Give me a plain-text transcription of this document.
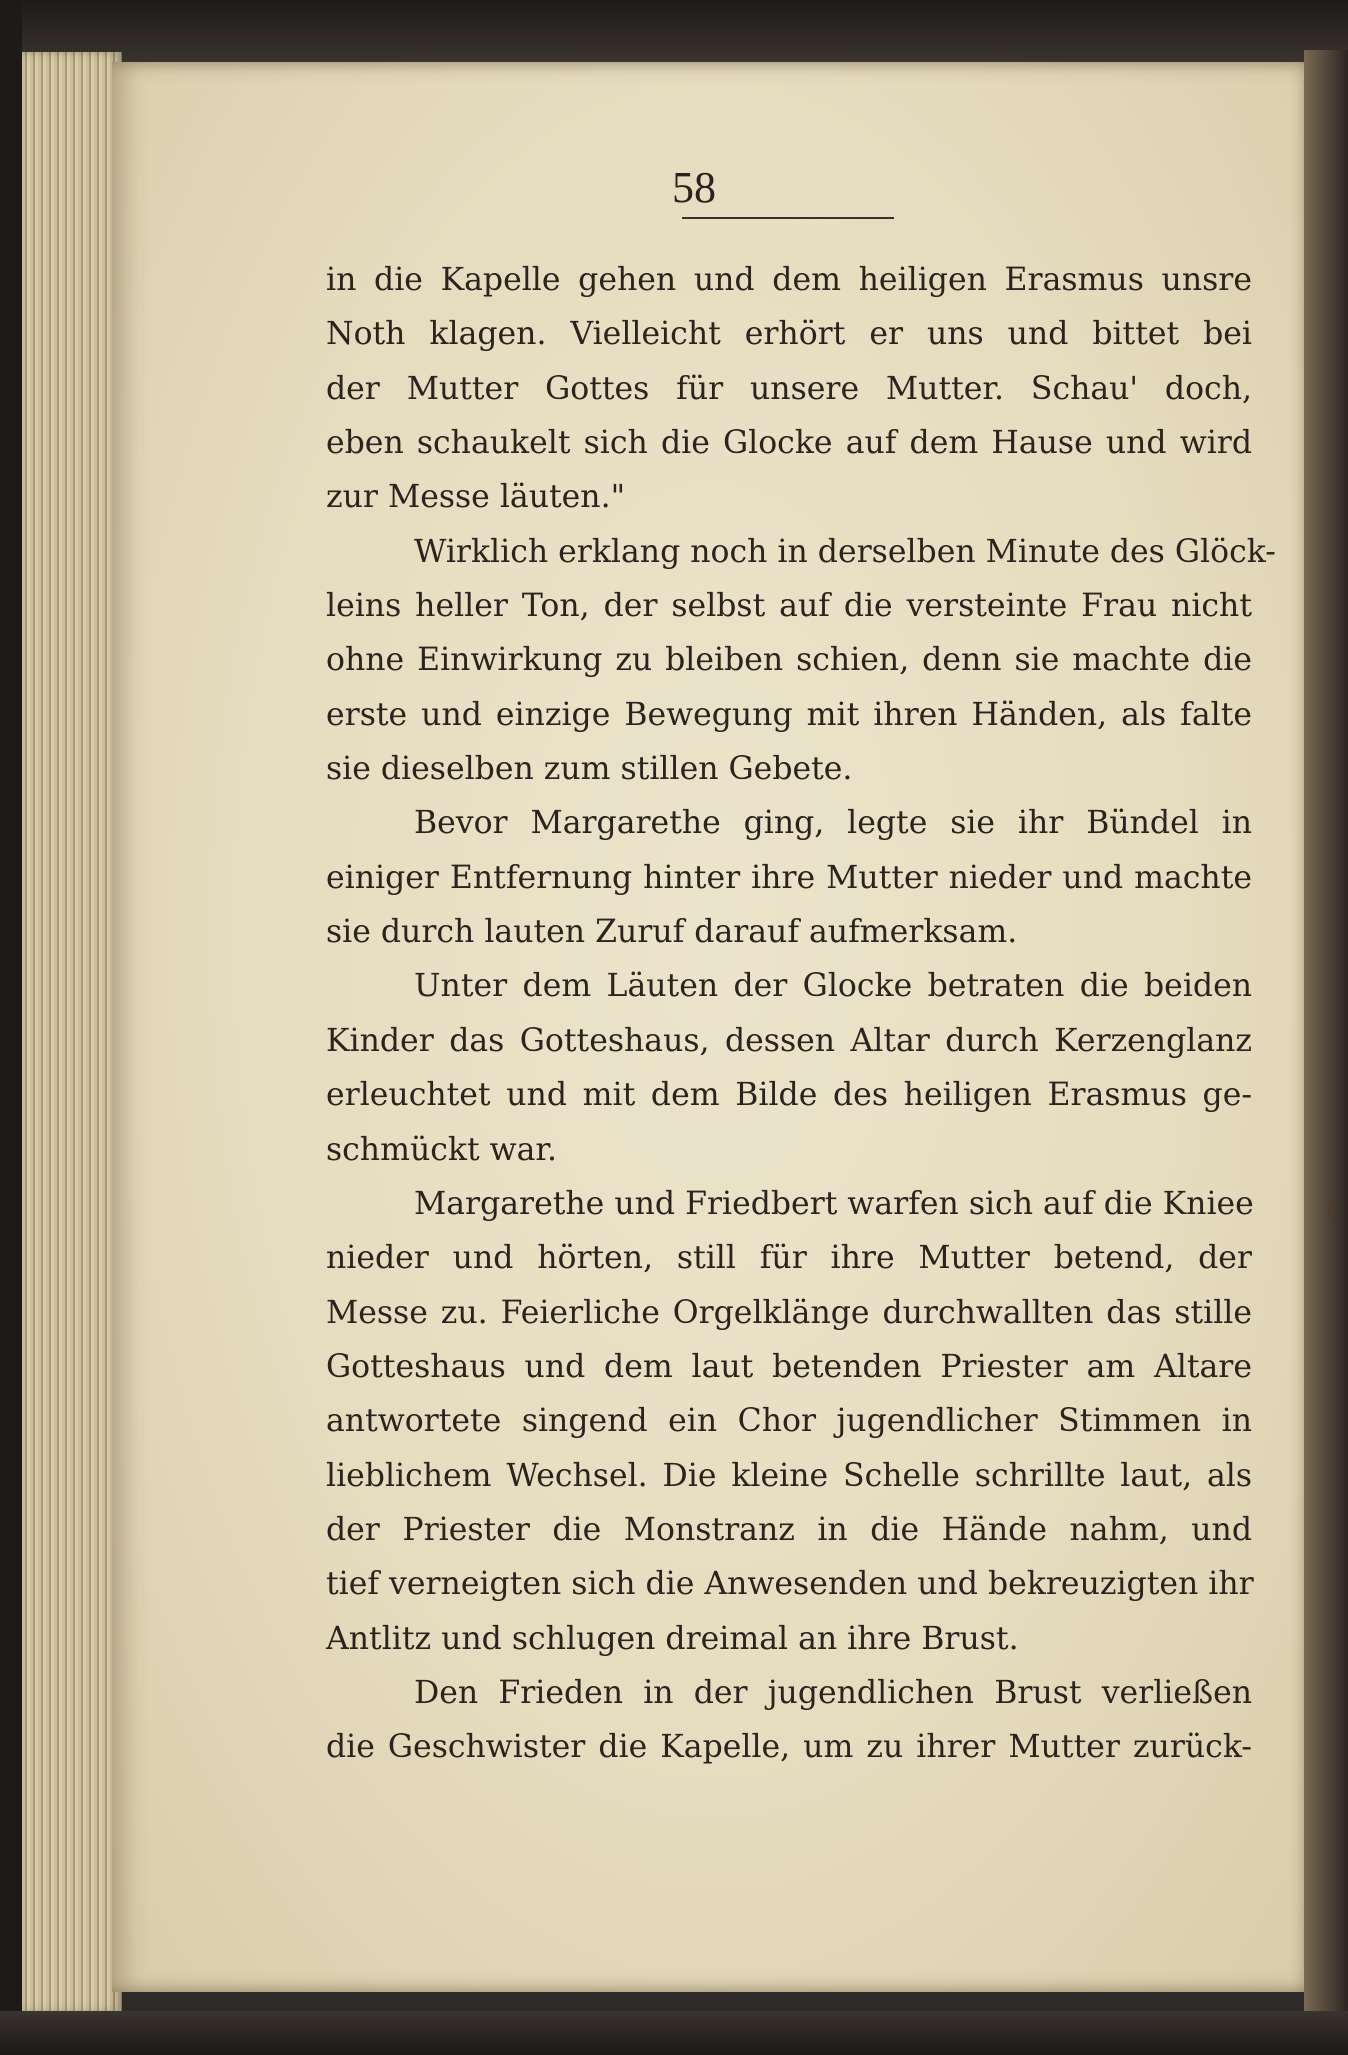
58
in die Kapelle gehen und dem heiligen Erasmus unsre
Noth klagen. Vielleicht erhört er uns und bittet bei
der Mutter Gottes für unsere Mutter. Schau' doch,
eben schaukelt sich die Glocke auf dem Hause und wird
zur Messe läuten."
Wirklich erklang noch in derselben Minute des Glöck-
leins heller Ton, der selbst auf die versteinte Frau nicht
ohne Einwirkung zu bleiben schien, denn sie machte die
erste und einzige Bewegung mit ihren Händen, als falte
sie dieselben zum stillen Gebete.
Bevor Margarethe ging, legte sie ihr Bündel in
einiger Entfernung hinter ihre Mutter nieder und machte
sie durch lauten Zuruf darauf aufmerksam.
Unter dem Läuten der Glocke betraten die beiden
Kinder das Gotteshaus, dessen Altar durch Kerzenglanz
erleuchtet und mit dem Bilde des heiligen Erasmus ge-
schmückt war.
Margarethe und Friedbert warfen sich auf die Kniee
nieder und hörten, still für ihre Mutter betend, der
Messe zu. Feierliche Orgelklänge durchwallten das stille
Gotteshaus und dem laut betenden Priester am Altare
antwortete singend ein Chor jugendlicher Stimmen in
lieblichem Wechsel. Die kleine Schelle schrillte laut, als
der Priester die Monstranz in die Hände nahm, und
tief verneigten sich die Anwesenden und bekreuzigten ihr
Antlitz und schlugen dreimal an ihre Brust.
Den Frieden in der jugendlichen Brust verließen
die Geschwister die Kapelle, um zu ihrer Mutter zurück-
